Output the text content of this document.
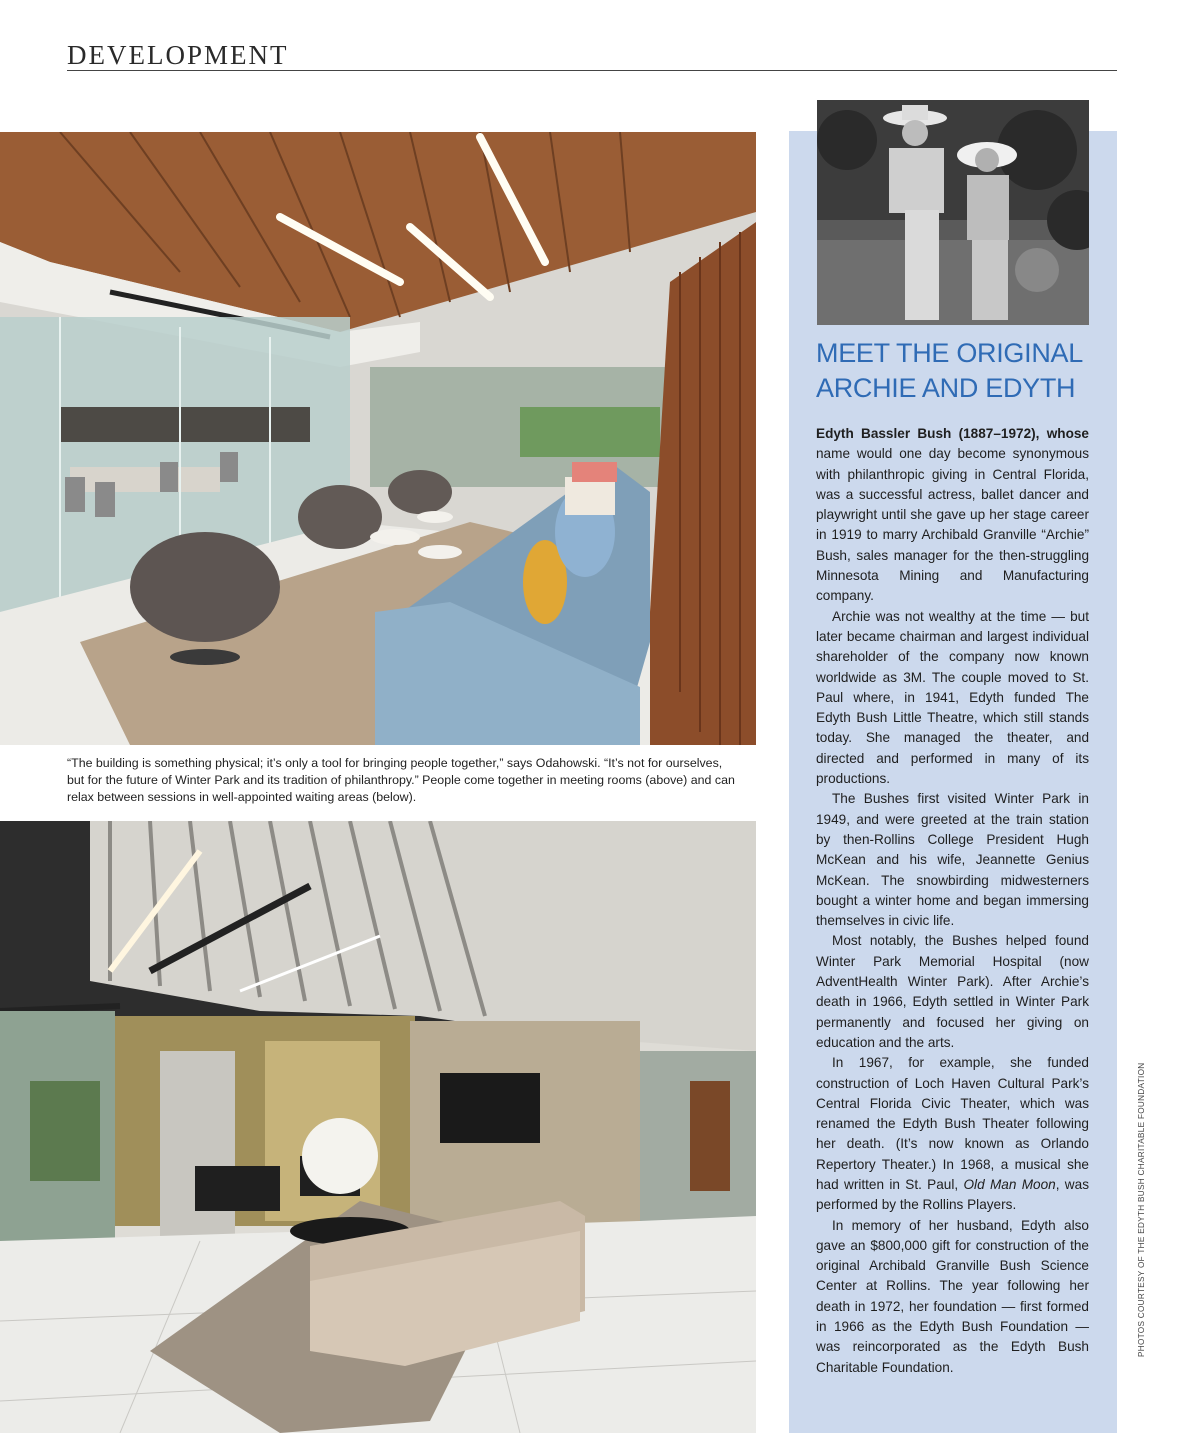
DEVELOPMENT
“The building is something physical; it’s only a tool for bringing people together,” says Odahowski. “It’s not for ourselves, but for the future of Winter Park and its tradition of philanthropy.” People come together in meeting rooms (above) and can relax between sessions in well-appointed waiting areas (below).
MEET THE ORIGINAL ARCHIE AND EDYTH

Edyth Bassler Bush (1887–1972), whose name would one day become synonymous with philanthropic giving in Central Florida, was a successful actress, ballet dancer and playwright until she gave up her stage career in 1919 to marry Archibald Granville “Archie” Bush, sales manager for the then-struggling Minnesota Mining and Manufacturing company.

Archie was not wealthy at the time — but later became chairman and largest individual shareholder of the company now known worldwide as 3M. The couple moved to St. Paul where, in 1941, Edyth funded The Edyth Bush Little Theatre, which still stands today. She managed the theater, and directed and performed in many of its productions.

The Bushes first visited Winter Park in 1949, and were greeted at the train station by then-Rollins College President Hugh McKean and his wife, Jeannette Genius McKean. The snowbirding midwesterners bought a winter home and began immersing themselves in civic life.

Most notably, the Bushes helped found Winter Park Memorial Hospital (now AdventHealth Winter Park). After Archie’s death in 1966, Edyth settled in Winter Park permanently and focused her giving on education and the arts.

In 1967, for example, she funded construction of Loch Haven Cultural Park’s Central Florida Civic Theater, which was renamed the Edyth Bush Theater following her death. (It’s now known as Orlando Repertory Theater.) In 1968, a musical she had written in St. Paul, Old Man Moon, was performed by the Rollins Players.

In memory of her husband, Edyth also gave an $800,000 gift for construction of the original Archibald Granville Bush Science Center at Rollins. The year following her death in 1972, her foundation — first formed in 1966 as the Edyth Bush Foundation — was reincorporated as the Edyth Bush Charitable Foundation.

PHOTOS COURTESY OF THE EDYTH BUSH CHARITABLE FOUNDATION
